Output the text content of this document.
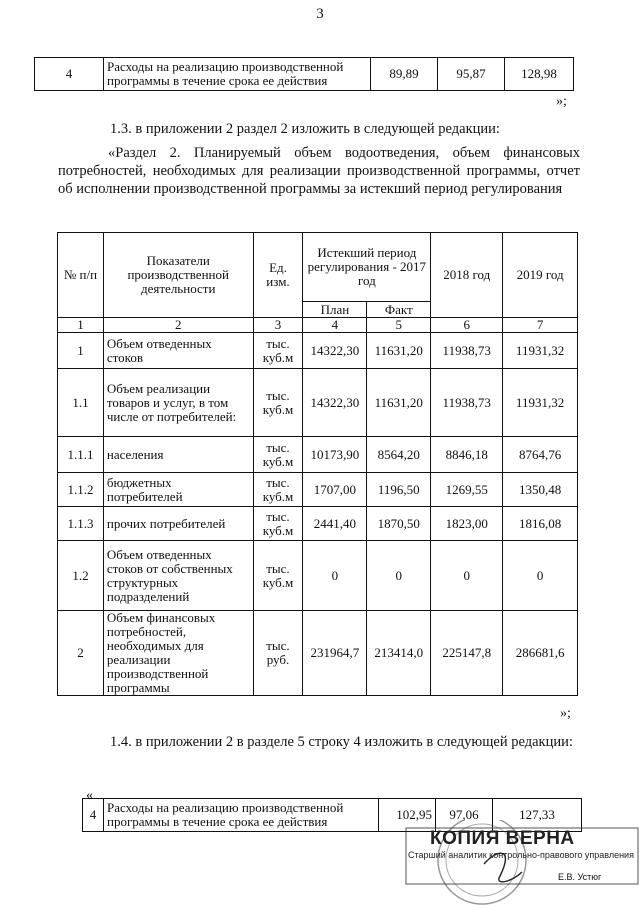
3
4	Расходы на реализацию производственной программы в течение срока ее действия	89,89	95,87	128,98
»;
1.3. в приложении 2 раздел 2 изложить в следующей редакции:
«Раздел 2. Планируемый объем водоотведения, объем финансовых потребностей, необходимых для реализации производственной программы, отчет об исполнении производственной программы за истекший период регулирования
№ п/п	Показатели производственной деятельности	Ед. изм.	Истекший период регулирования - 2017 год		2018 год	2019 год
			План	Факт		
1	2	3	4	5	6	7
1	Объем отведенных стоков	тыс. куб.м	14322,30	11631,20	11938,73	11931,32
1.1	Объем реализации товаров и услуг, в том числе от потребителей:	тыс. куб.м	14322,30	11631,20	11938,73	11931,32
1.1.1	населения	тыс. куб.м	10173,90	8564,20	8846,18	8764,76
1.1.2	бюджетных потребителей	тыс. куб.м	1707,00	1196,50	1269,55	1350,48
1.1.3	прочих потребителей	тыс. куб.м	2441,40	1870,50	1823,00	1816,08
1.2	Объем отведенных стоков от собственных структурных подразделений	тыс. куб.м	0	0	0	0
2	Объем финансовых потребностей, необходимых для реализации производственной программы	тыс. руб.	231964,7	213414,0	225147,8	286681,6
»;
1.4. в приложении 2 в разделе 5 строку 4 изложить в следующей редакции:
«
4	Расходы на реализацию производственной программы в течение срока ее действия	102,95	97,06	127,33
КОПИЯ ВЕРНА
Старший аналитик контрольно-правового управления
Е.В. Устюг
